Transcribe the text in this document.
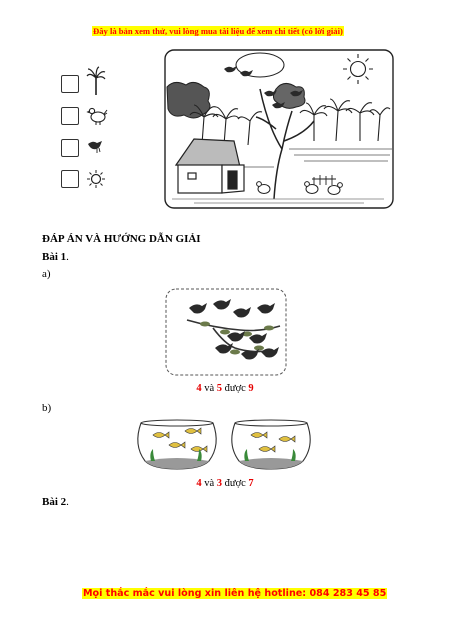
Đây là bản xem thử, vui lòng mua tài liệu để xem chi tiết (có lời giải)
ĐÁP ÁN VÀ HƯỚNG DẪN GIẢI
Bài 1.
a)
4 và 5 được 9
b)
4 và 3 được 7
Bài 2.
Mọi thắc mắc vui lòng xin liên hệ hotline: 084 283 45 85
